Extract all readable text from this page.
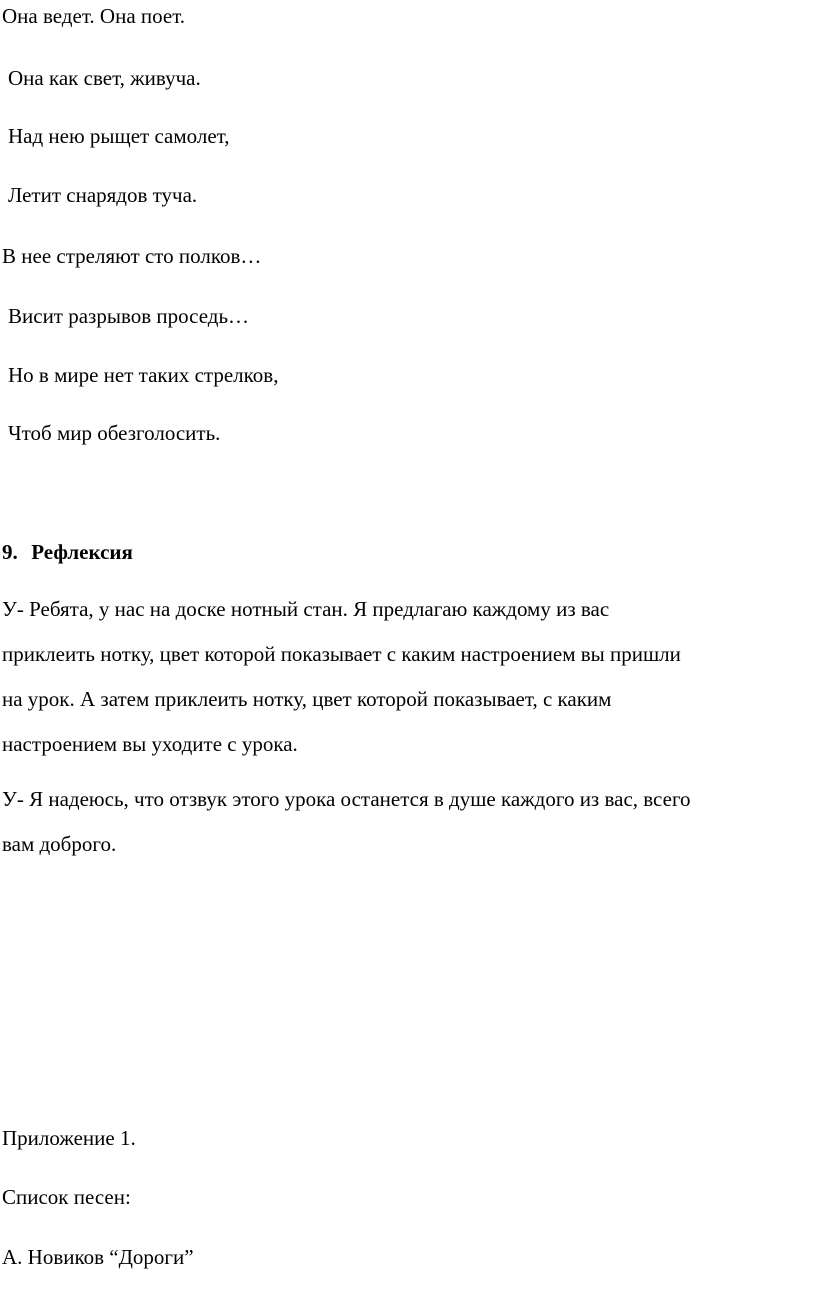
Она ведет. Она поет.
Она как свет, живуча.
Над нею рыщет самолет,
Летит снарядов туча.
В нее стреляют сто полков…
Висит разрывов проседь…
Но в мире нет таких стрелков,
Чтоб мир обезголосить.
9. Рефлексия
У- Ребята, у нас на доске нотный стан. Я предлагаю каждому из вас
приклеить нотку, цвет которой показывает с каким настроением вы пришли
на урок. А затем приклеить нотку, цвет которой показывает, с каким
настроением вы уходите с урока.
У- Я надеюсь, что отзвук этого урока останется в душе каждого из вас, всего
вам доброго.
Приложение 1.
Список песен:
А. Новиков “Дороги”
